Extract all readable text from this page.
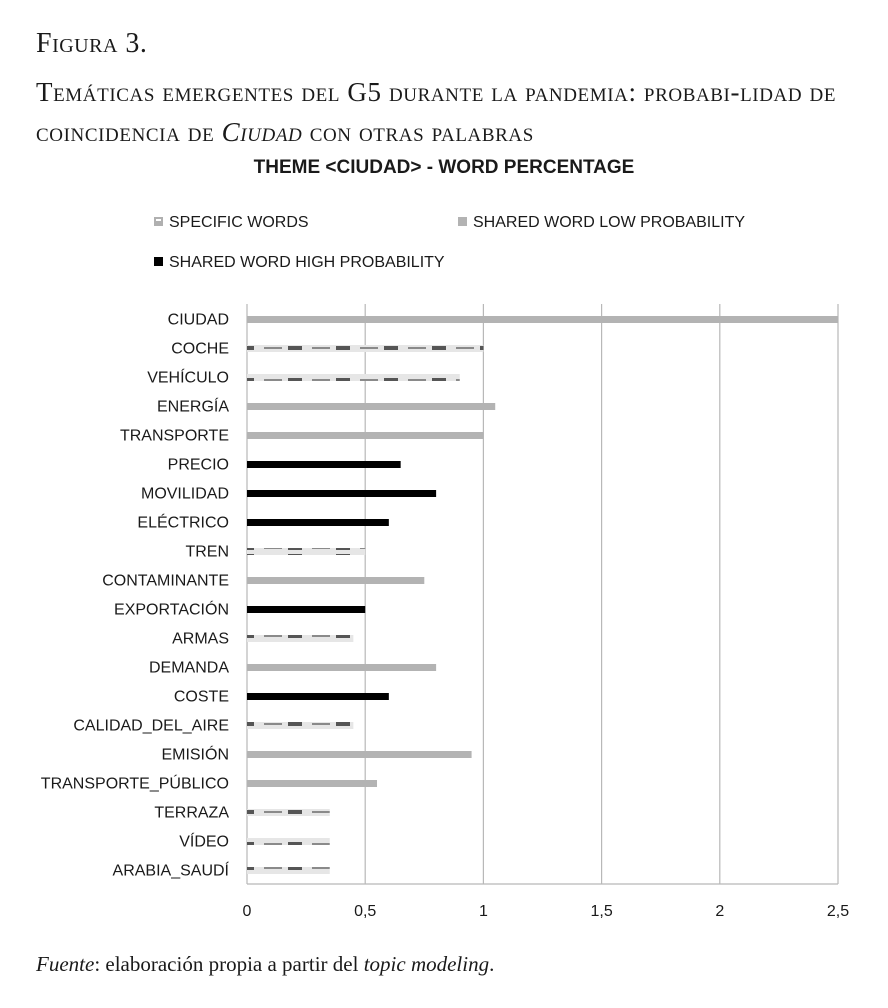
Figura 3.
Temáticas emergentes del G5 durante la pandemia: probabi-lidad de coincidencia de Ciudad con otras palabras
THEME <CIUDAD> - WORD PERCENTAGE
SPECIFIC WORDS	SHARED WORD LOW PROBABILITY
SHARED WORD HIGH PROBABILITY
CIUDAD
COCHE
VEHÍCULO
ENERGÍA
TRANSPORTE
PRECIO
MOVILIDAD
ELÉCTRICO
TREN
CONTAMINANTE
EXPORTACIÓN
ARMAS
DEMANDA
COSTE
CALIDAD_DEL_AIRE
EMISIÓN
TRANSPORTE_PÚBLICO
TERRAZA
VÍDEO
ARABIA_SAUDÍ
0	0,5	1	1,5	2	2,5
Fuente: elaboración propia a partir del topic modeling.
